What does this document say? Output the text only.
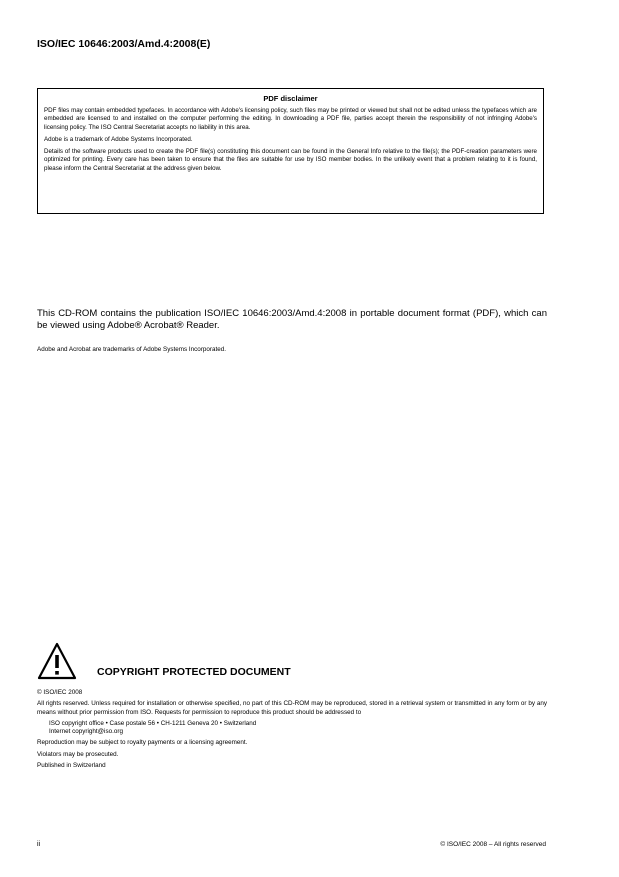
ISO/IEC 10646:2003/Amd.4:2008(E)
PDF disclaimer

PDF files may contain embedded typefaces. In accordance with Adobe's licensing policy, such files may be printed or viewed but shall not be edited unless the typefaces which are embedded are licensed to and installed on the computer performing the editing. In downloading a PDF file, parties accept therein the responsibility of not infringing Adobe's licensing policy. The ISO Central Secretariat accepts no liability in this area.

Adobe is a trademark of Adobe Systems Incorporated.

Details of the software products used to create the PDF file(s) constituting this document can be found in the General Info relative to the file(s); the PDF-creation parameters were optimized for printing. Every care has been taken to ensure that the files are suitable for use by ISO member bodies. In the unlikely event that a problem relating to it is found, please inform the Central Secretariat at the address given below.

This CD-ROM contains the publication ISO/IEC 10646:2003/Amd.4:2008 in portable document format (PDF), which can be viewed using Adobe® Acrobat® Reader.
Adobe and Acrobat are trademarks of Adobe Systems Incorporated.
COPYRIGHT PROTECTED DOCUMENT

© ISO/IEC 2008

All rights reserved. Unless required for installation or otherwise specified, no part of this CD-ROM may be reproduced, stored in a retrieval system or transmitted in any form or by any means without prior permission from ISO. Requests for permission to reproduce this product should be addressed to

ISO copyright office • Case postale 56 • CH-1211 Geneva 20 • Switzerland

Internet copyright@iso.org

Reproduction may be subject to royalty payments or a licensing agreement.

Violators may be prosecuted.

Published in Switzerland

ii	© ISO/IEC 2008 – All rights reserved
